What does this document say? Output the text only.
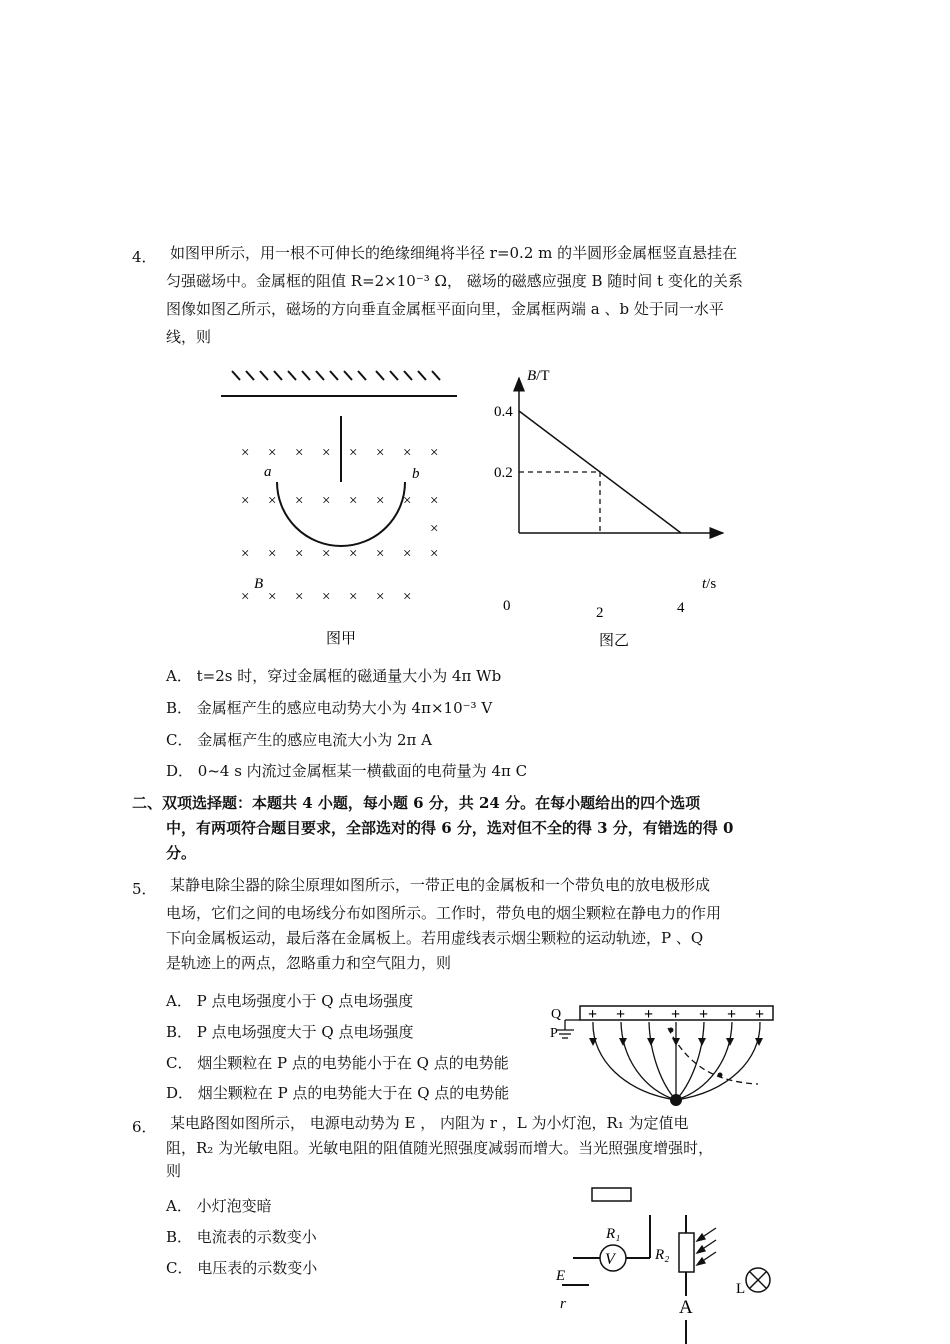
4． 如图甲所示，用一根不可伸长的绝缘细绳将半径 r=0.2 m 的半圆形金属框竖直悬挂在
匀强磁场中。金属框的阻值 R=2×10⁻³ Ω， 磁场的磁感应强度 B 随时间 t 变化的关系
图像如图乙所示，磁场的方向垂直金属框平面向里，金属框两端 a 、b 处于同一水平
线，则
× × × × × × × ×
× × × × × × × ×
×
× × × × × × × ×
× × × × × × ×
a	b
B
图甲
0.2
0.4
2	4
B/T
t/s
0
图乙
A． t=2s 时，穿过金属框的磁通量大小为 4π Wb
B． 金属框产生的感应电动势大小为 4π×10⁻³ V
C． 金属框产生的感应电流大小为 2π A
D． 0~4 s 内流过金属框某一横截面的电荷量为 4π C
二、双项选择题：本题共 4 小题，每小题 6 分，共 24 分。在每小题给出的四个选项
中，有两项符合题目要求，全部选对的得 6 分，选对但不全的得 3 分，有错选的得 0
分。
5． 某静电除尘器的除尘原理如图所示，一带正电的金属板和一个带负电的放电极形成
电场，它们之间的电场线分布如图所示。工作时，带负电的烟尘颗粒在静电力的作用
下向金属板运动，最后落在金属板上。若用虚线表示烟尘颗粒的运动轨迹，P 、Q
是轨迹上的两点，忽略重力和空气阻力，则
A． P 点电场强度小于 Q 点电场强度
B． P 点电场强度大于 Q 点电场强度
C． 烟尘颗粒在 P 点的电势能小于在 Q 点的电势能
D． 烟尘颗粒在 P 点的电势能大于在 Q 点的电势能
+ + + + + + +
Q
P
6． 某电路图如图所示， 电源电动势为 E ， 内阻为 r ，L 为小灯泡，R₁ 为定值电
阻，R₂ 为光敏电阻。光敏电阻的阻值随光照强度减弱而增大。当光照强度增强时，
则
A． 小灯泡变暗
B． 电流表的示数变小
C． 电压表的示数变小	V
R₁
R₂
E
r	A
L
